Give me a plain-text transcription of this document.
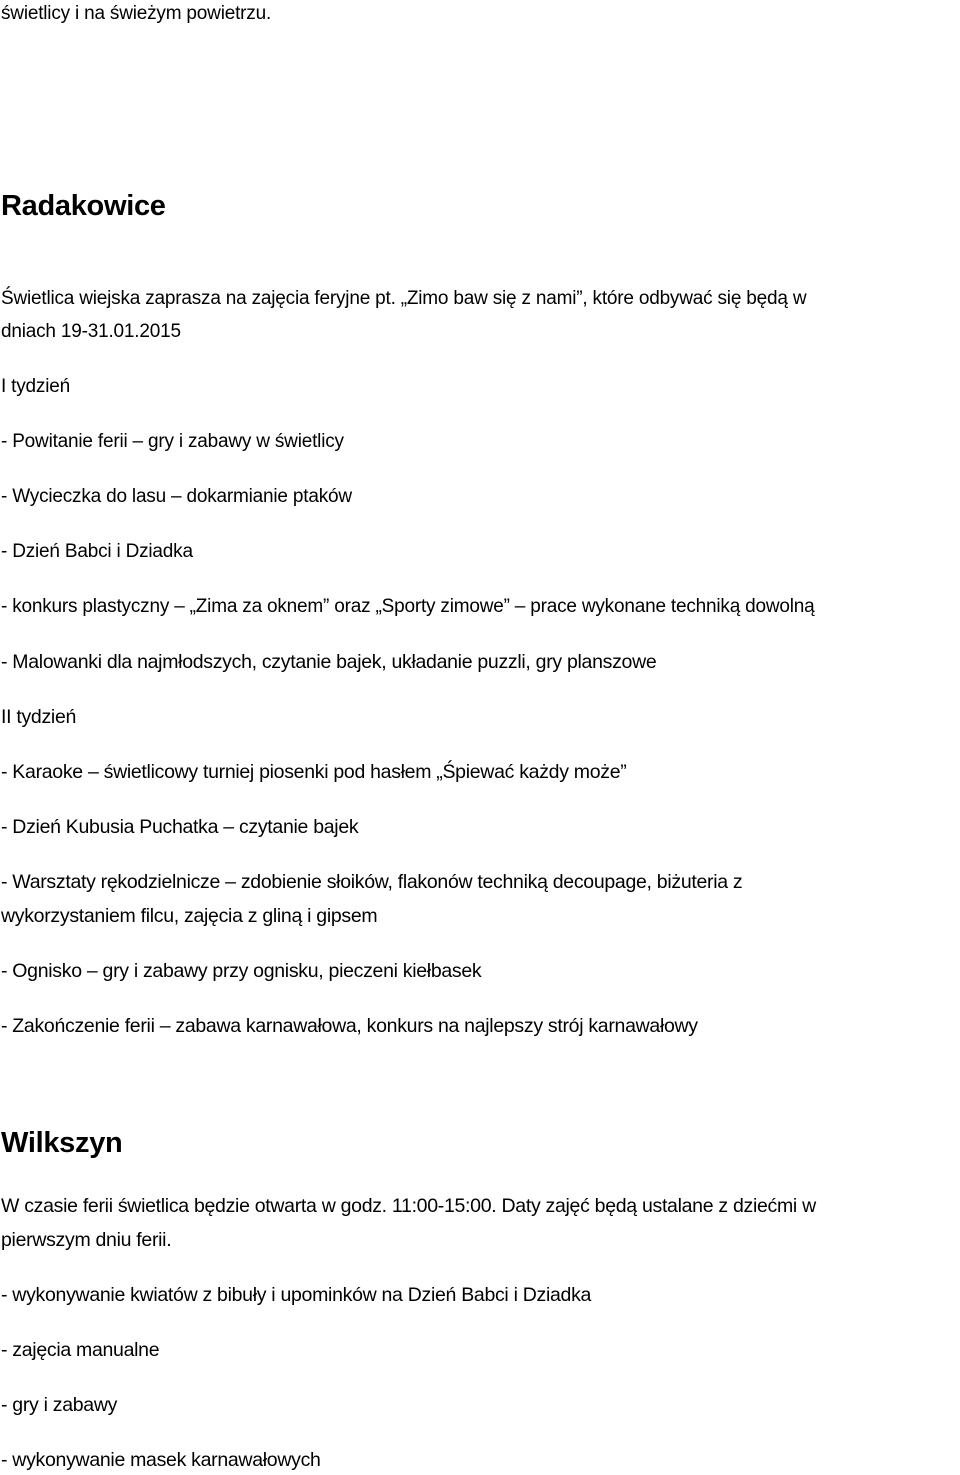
świetlicy i na świeżym powietrzu.
Radakowice
Świetlica wiejska zaprasza na zajęcia feryjne pt. „Zimo baw się z nami”, które odbywać się będą w
dniach 19-31.01.2015
I tydzień
- Powitanie ferii – gry i zabawy w świetlicy
- Wycieczka do lasu – dokarmianie ptaków
- Dzień Babci i Dziadka
- konkurs plastyczny – „Zima za oknem” oraz „Sporty zimowe” – prace wykonane techniką dowolną
- Malowanki dla najmłodszych, czytanie bajek, układanie puzzli, gry planszowe
II tydzień
- Karaoke – świetlicowy turniej piosenki pod hasłem „Śpiewać każdy może”
- Dzień Kubusia Puchatka – czytanie bajek
- Warsztaty rękodzielnicze – zdobienie słoików, flakonów techniką decoupage, biżuteria z
wykorzystaniem filcu, zajęcia z gliną i gipsem
- Ognisko – gry i zabawy przy ognisku, pieczeni kiełbasek
- Zakończenie ferii – zabawa karnawałowa, konkurs na najlepszy strój karnawałowy
Wilkszyn
W czasie ferii świetlica będzie otwarta w godz. 11:00-15:00. Daty zajęć będą ustalane z dziećmi w
pierwszym dniu ferii.
- wykonywanie kwiatów z bibuły i upominków na Dzień Babci i Dziadka
- zajęcia manualne
- gry i zabawy
- wykonywanie masek karnawałowych
